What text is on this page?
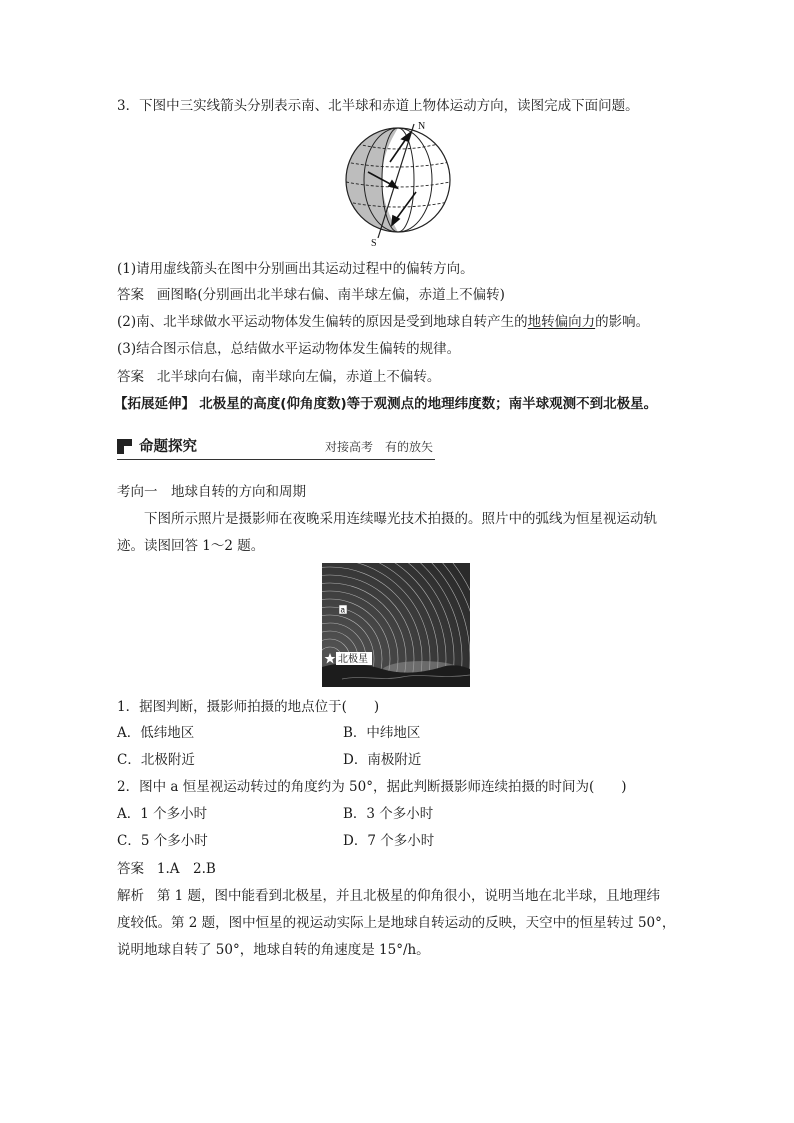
3．下图中三实线箭头分别表示南、北半球和赤道上物体运动方向，读图完成下面问题。
N
S
(1)请用虚线箭头在图中分别画出其运动过程中的偏转方向。
答案 画图略(分别画出北半球右偏、南半球左偏，赤道上不偏转)
(2)南、北半球做水平运动物体发生偏转的原因是受到地球自转产生的地转偏向力的影响。
(3)结合图示信息，总结做水平运动物体发生偏转的规律。
答案 北半球向右偏，南半球向左偏，赤道上不偏转。
【拓展延伸】 北极星的高度(仰角度数)等于观测点的地理纬度数；南半球观测不到北极星。
命题探究	对接高考　有的放矢
考向一　地球自转的方向和周期
下图所示照片是摄影师在夜晚采用连续曝光技术拍摄的。照片中的弧线为恒星视运动轨
迹。读图回答 1～2 题。
a
北极星
1．据图判断，摄影师拍摄的地点位于(　　)
A．低纬地区	B．中纬地区
C．北极附近	D．南极附近
2．图中 a 恒星视运动转过的角度约为 50°，据此判断摄影师连续拍摄的时间为(　　)
A．1 个多小时	B．3 个多小时
C．5 个多小时	D．7 个多小时
答案 1.A　2.B
解析 第 1 题，图中能看到北极星，并且北极星的仰角很小，说明当地在北半球，且地理纬
度较低。第 2 题，图中恒星的视运动实际上是地球自转运动的反映，天空中的恒星转过 50°，
说明地球自转了 50°，地球自转的角速度是 15°/h。
